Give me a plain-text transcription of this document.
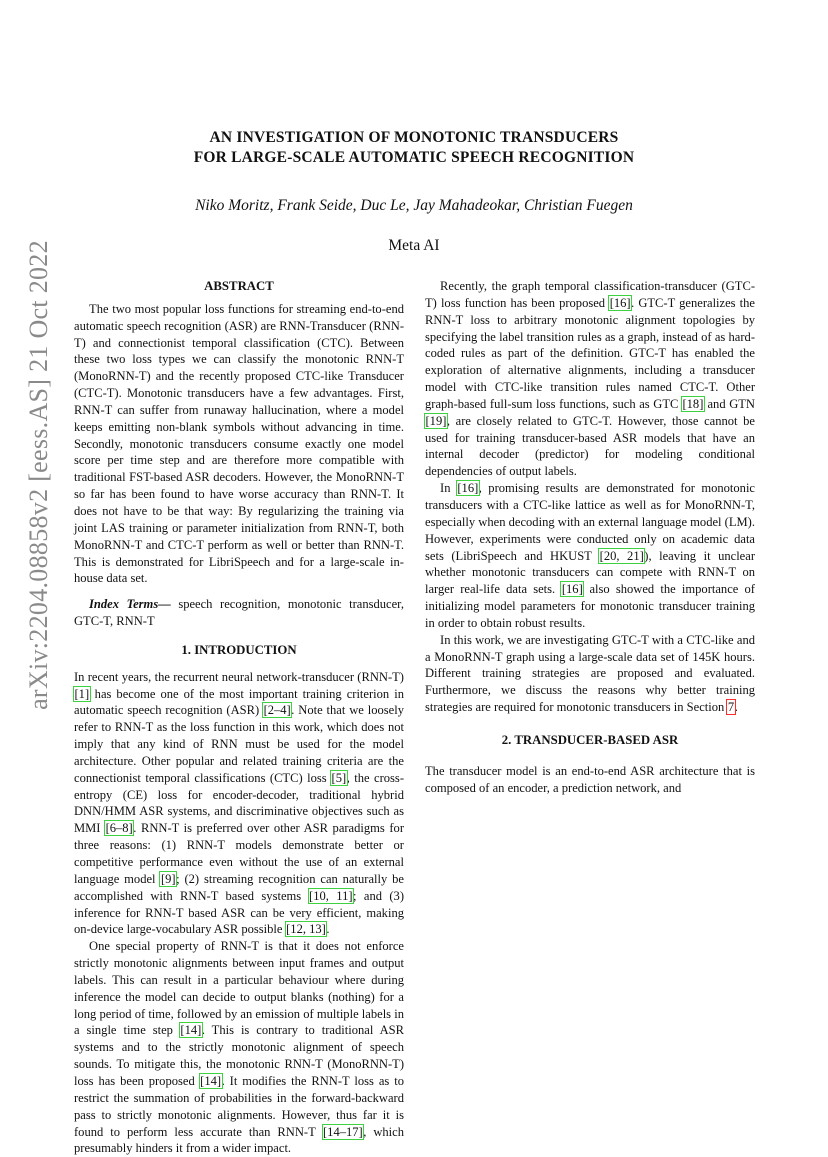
arXiv:2204.08858v2 [eess.AS] 21 Oct 2022

AN INVESTIGATION OF MONOTONIC TRANSDUCERS
FOR LARGE-SCALE AUTOMATIC SPEECH RECOGNITION

Niko Moritz, Frank Seide, Duc Le, Jay Mahadeokar, Christian Fuegen
Meta AI
ABSTRACT

The two most popular loss functions for streaming end-to-end automatic speech recognition (ASR) are RNN-Transducer (RNN-T) and connectionist temporal classification (CTC). Between these two loss types we can classify the monotonic RNN-T (MonoRNN-T) and the recently proposed CTC-like Transducer (CTC-T). Monotonic transducers have a few advantages. First, RNN-T can suffer from runaway hallucination, where a model keeps emitting non-blank symbols without advancing in time. Secondly, monotonic transducers consume exactly one model score per time step and are therefore more compatible with traditional FST-based ASR decoders. However, the MonoRNN-T so far has been found to have worse accuracy than RNN-T. It does not have to be that way: By regularizing the training via joint LAS training or parameter initialization from RNN-T, both MonoRNN-T and CTC-T perform as well or better than RNN-T. This is demonstrated for LibriSpeech and for a large-scale in-house data set.

Index Terms— speech recognition, monotonic transducer, GTC-T, RNN-T

1. INTRODUCTION

In recent years, the recurrent neural network-transducer (RNN-T) [1] has become one of the most important training criterion in automatic speech recognition (ASR) [2–4]. Note that we loosely refer to RNN-T as the loss function in this work, which does not imply that any kind of RNN must be used for the model architecture. Other popular and related training criteria are the connectionist temporal classifications (CTC) loss [5], the cross-entropy (CE) loss for encoder-decoder, traditional hybrid DNN/HMM ASR systems, and discriminative objectives such as MMI [6–8]. RNN-T is preferred over other ASR paradigms for three reasons: (1) RNN-T models demonstrate better or competitive performance even without the use of an external language model [9]; (2) streaming recognition can naturally be accomplished with RNN-T based systems [10, 11]; and (3) inference for RNN-T based ASR can be very efficient, making on-device large-vocabulary ASR possible [12, 13].

One special property of RNN-T is that it does not enforce strictly monotonic alignments between input frames and output labels. This can result in a particular behaviour where during inference the model can decide to output blanks (nothing) for a long period of time, followed by an emission of multiple labels in a single time step [14]. This is contrary to traditional ASR systems and to the strictly monotonic alignment of speech sounds. To mitigate this, the monotonic RNN-T (MonoRNN-T) loss has been proposed [14]. It modifies the RNN-T loss as to restrict the summation of probabilities in the forward-backward pass to strictly monotonic alignments. However, thus far it is found to perform less accurate than RNN-T [14–17], which presumably hinders it from a wider impact.

Recently, the graph temporal classification-transducer (GTC-T) loss function has been proposed [16]. GTC-T generalizes the RNN-T loss to arbitrary monotonic alignment topologies by specifying the label transition rules as a graph, instead of as hard-coded rules as part of the definition. GTC-T has enabled the exploration of alternative alignments, including a transducer model with CTC-like transition rules named CTC-T. Other graph-based full-sum loss functions, such as GTC [18] and GTN [19], are closely related to GTC-T. However, those cannot be used for training transducer-based ASR models that have an internal decoder (predictor) for modeling conditional dependencies of output labels.

In [16], promising results are demonstrated for monotonic transducers with a CTC-like lattice as well as for MonoRNN-T, especially when decoding with an external language model (LM). However, experiments were conducted only on academic data sets (LibriSpeech and HKUST [20, 21]), leaving it unclear whether monotonic transducers can compete with RNN-T on larger real-life data sets. [16] also showed the importance of initializing model parameters for monotonic transducer training in order to obtain robust results.

In this work, we are investigating GTC-T with a CTC-like and a MonoRNN-T graph using a large-scale data set of 145K hours. Different training strategies are proposed and evaluated. Furthermore, we discuss the reasons why better training strategies are required for monotonic transducers in Section 7.

2. TRANSDUCER-BASED ASR

The transducer model is an end-to-end ASR architecture that is composed of an encoder, a prediction network, and
